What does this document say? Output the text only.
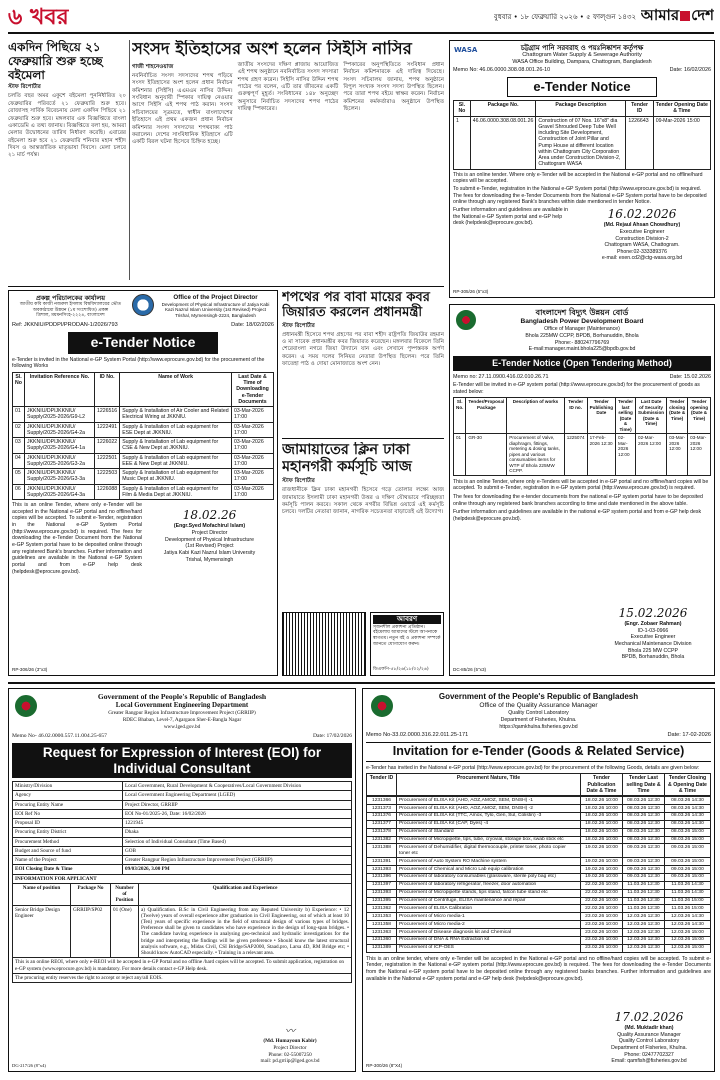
৬ খবর	বুধবার • ১৮ ফেব্রুয়ারি ২০২৬ • ৫ ফাল্গুন ১৪৩২ আমার দেশ
একদিন পিছিয়ে ২১ ফেব্রুয়ারি শুরু হচ্ছে বইমেলা
স্টাফ রিপোর্টার
চলতি বছর অমর একুশে বইমেলা পুনর্নির্ধারিত ২০ ফেব্রুয়ারির পরিবর্তে ২১ ফেব্রুয়ারি শুরু হবে। রোজাসহ সার্বিক বিবেচনায় মেলা একদিন পিছিয়ে ২১ ফেব্রুয়ারি শুরু হবে। মঙ্গলবার এক বিজ্ঞপ্তিতে বাংলা একাডেমি এ তথ্য জানায়। বিজ্ঞপ্তিতে বলা হয়, আমরা মেলার উদ্বোধনের তারিখ নির্ধারণ করেছি। এবারের বইমেলা শুরু হবে ২১ ফেব্রুয়ারি শনিবার মহান শহীদ দিবস ও আন্তর্জাতিক মাতৃভাষা দিবসে। মেলা চলবে ২১ মার্চ পর্যন্ত।
সংসদ ইতিহাসের অংশ হলেন সিইসি নাসির
গাজী শাহনেওয়াজ
নবনির্বাচিত সংসদ সদস্যদের শপথ পড়িয়ে সংসদ ইতিহাসের অংশ হলেন প্রধান নির্বাচন কমিশনার (সিইসি) এএমএম নাসির উদ্দিন। সংবিধান অনুযায়ী স্পিকার দায়িত্ব নেওয়ার আগে সিইসি এই শপথ পাঠ করান। সংসদ সচিবালয়ের সূত্রমতে, স্বাধীন বাংলাদেশের ইতিহাসে এই প্রথম একজন প্রধান নির্বাচন কমিশনার সংসদ সদস্যদের শপথবাক্য পাঠ করালেন। দেশের সাংবিধানিক ইতিহাসে এটি একটি বিরল ঘটনা হিসেবে চিহ্নিত হচ্ছে।
জাতীয় সংসদের দক্ষিণ প্লাজায় আয়োজিত এই শপথ অনুষ্ঠানে নবনির্বাচিত সংসদ সদস্যরা শপথ গ্রহণ করেন। সিইসি নাসির উদ্দিন শপথ পাঠের পর বলেন, এটি তার জীবনের একটি গুরুত্বপূর্ণ মুহূর্ত। সংবিধানের ১৪৮ অনুচ্ছেদ অনুসারে নির্বাচিত সদস্যদের শপথ পাঠের দায়িত্ব স্পিকারের।
স্পিকারের অনুপস্থিতিতে সংবিধান প্রধান নির্বাচন কমিশনারকে এই দায়িত্ব দিয়েছে। সংসদ সচিবালয় জানায়, শপথ অনুষ্ঠানে বিপুল সংখ্যক সংসদ সদস্য উপস্থিত ছিলেন। পরে তারা শপথ বইয়ে স্বাক্ষর করেন। নির্বাচন কমিশনের কর্মকর্তারাও অনুষ্ঠানে উপস্থিত ছিলেন।
WASA	চট্টগ্রাম পানি সরবরাহ ও পয়ঃনিষ্কাশন কর্তৃপক্ষ
Chattogram Water Supply & Sewerage Authority
WASA Office Building, Dampara, Chattogram, Bangladesh
Memo No: 46.06.0000.308.08.001.26-10	Date: 16/02/2026
e-Tender Notice
Sl. No	Package No.	Package Description	Tender ID	Tender Opening Date & Time
1	46.06.0000.308.08.001.26	Construction of 07 Nos. 16"x8" dia Gravel Shrouded Deep Tube Well including Site Development, Construction of Joint Pillar and Pump House at different location within Chattogram City Corporation Area under Construction Division-2, Chattogram WASA	1226643	09-Mar-2026 15:00
This is an online tender. Where only e-Tender will be accepted in the National e-GP portal and no offline/hard copies will be accepted.
To submit e-Tender, registration in the National e-GP System portal (http://www.eprocure.gov.bd) is required. The fees for downloading the e-Tender Documents from the National e-GP System portal have to be deposited online through any registered Bank's branches within date mentioned in tender Notice.
Further information and guidelines are available in the National e-GP System portal and e-GP help desk (helpdesk@eprocure.gov.bd).
16.02.2026
(Md. Rejaul Ahsan Chowdhury)
Executive Engineer
Construction Division-2
Chattogram WASA, Chattogram.
Phone:02-333389376
e-mail: exen.cd2@ctg-wasa.org.bd
RP-305/26 (5"x3)
প্রকল্প পরিচালকের কার্যালয়
জাতীয় কবি কাজী নজরুল ইসলাম বিশ্ববিদ্যালয়ের ভৌত অবকাঠামো উন্নয়ন (১ম সংশোধিত) প্রকল্প
ত্রিশাল, ময়মনসিংহ-২২২৪, বাংলাদেশ
Office of the Project Director
Development of Physical Infrastructure of Jatiya Kabi Kazi Nazrul Islam University (1st Revised) Project
Trishal, Mymensingh-2224, Bangladesh
Ref: JKKNIU/PDDPI/PRODAN-1/2026/793	Date: 18/02/2026
e-Tender Notice
e-Tender is invited in the National e-GP System Portal (http://www.eprocure.gov.bd) for the procurement of the following Works
Sl. No	Invitation Reference No.	ID No.	Name of Work	Last Date & Time of Downloading e-Tender Documents
01	JKKNIU/DPIJKKNIU/ Supply/2025-2026/G9-L2	1226516	Supply & Installation of Air Cooler and Related Electrical Wiring at JKKNIU.	03-Mar-2026 17:00
02	JKKNIU/DPIJKKNIU/ Supply/2025-2026/G4-2a	1222491	Supply & Installation of Lab equipment for ESE Dept at JKKNIU.	03-Mar-2026 17:00
03	JKKNIU/DPIJKKNIU/ Supply/2025-2026/G4-1a	1226022	Supply & Installation of Lab equipment for CSE & New Dept at JKKNIU.	03-Mar-2026 17:00
04	JKKNIU/DPIJKKNIU/ Supply/2025-2026/G3-2a	1222501	Supply & Installation of Lab equipment for EEE & New Dept at JKKNIU.	03-Mar-2026 17:00
05	JKKNIU/DPIJKKNIU/ Supply/2025-2026/G3-3a	1222503	Supply & Installation of Lab equipment for Music Dept at JKKNIU.	03-Mar-2026 17:00
06	JKKNIU/DPIJKKNIU/ Supply/2025-2026/G4-3a	1226088	Supply & Installation of Lab equipment for Film & Media Dept at JKKNIU.	03-Mar-2026 17:00
This is an online Tender, where only e-Tender will be accepted in the National e-GP portal and no offline/hard copies will be accepted. To submit e-Tender, registration in the National e-GP System Portal (http://www.eprocure.gov.bd) is required. The fees for downloading the e-Tender Document from the National e-GP System portal have to be deposited online through any registered Bank's branches. Further information and guidelines are available in the National e-GP System portal and from e-GP help desk (helpdesk@eprocure.gov.bd).
18.02.26
(Engr.Syed Mofachirul Islam)
Project Director
Development of Physical Infrastructure
(1st Revised) Project
Jatiya Kabi Kazi Nazrul Islam University
Trishal, Mymensingh
RP-306/26 (3"x3)
শপথের পর বাবা মায়ের কবর জিয়ারত করলেন প্রধানমন্ত্রী
স্টাফ রিপোর্টার
প্রধানমন্ত্রী হিসেবে শপথ গ্রহণের পর বাবা শহীদ রাষ্ট্রপতি জিয়াউর রহমান ও মা সাবেক প্রধানমন্ত্রীর কবর জিয়ারত করেছেন। মঙ্গলবার বিকেলে তিনি শেরেবাংলা নগরে জিয়া উদ্যানে যান এবং সেখানে পুষ্পস্তবক অর্পণ করেন। এ সময় দলের সিনিয়র নেতারা উপস্থিত ছিলেন। পরে তিনি ফাতেহা পাঠ ও দোয়া মোনাজাতে অংশ নেন।
জামায়াতের ক্লিন ঢাকা মহানগরী কর্মসূচি আজ
স্টাফ রিপোর্টার
রাজধানীকে ক্লিন ঢাকা মহানগরী হিসেবে গড়ে তোলার লক্ষ্যে আজ জামায়াতে ইসলামী ঢাকা মহানগরী উত্তর ও দক্ষিণ যৌথভাবে পরিচ্ছন্নতা কর্মসূচি পালন করবে। সকাল থেকে নগরীর বিভিন্ন ওয়ার্ডে এই কর্মসূচি চলবে। দলটির নেতারা জানান, নাগরিক সচেতনতা বাড়াতেই এই উদ্যোগ।
আবরণ
সৃজনশীল প্রকাশনা প্রতিষ্ঠান। বইমেলায় আমাদের স্টলে আপনাকে স্বাগতম। নতুন বই ও প্রকাশনা সম্পর্কে জানতে যোগাযোগ করুন।
ডিএফপি-৫৮/২৬(১৮/০২/২৬)
বাংলাদেশ বিদ্যুৎ উন্নয়ন বোর্ড
Bangladesh Power Development Board
Office of Manager (Maintenance)
Bhola 225MW CCPP, BPDB, Borhanuddin, Bhola
Phone:- 880247796769
E-mail:manager.maint.bhola225@bpdb.gov.bd
E-Tender Notice (Open Tendering Method)
Memo no: 27.11.0900.416.02.010.26.71	Date: 15.02.2026
E-Tender will be invited in e-GP system portal (http://www.eprocure.gov.bd) for the procurement of goods as stated below:
Sl. No.	Tender/Proposal Package	Description of works	Tender ID no.	Tender Publishing Date	Tender last selling (Date & Time)	Last Date of Security Submission (Date & Time)	Tender closing (Date & Time)	Tender opening (Date & Time)
01	GR-30	Procurement of Valve, diaphragm, fittings, metering & dosing tanks, pipes and various consumables items for WTP of Bhola 225MW CCPP.	1225074	17-Feb-2026 12:30	02-Mar-2026 12:00	02-Mar-2026 12:00	03-Mar-2026 12:00	03-Mar-2026 12:00
This is an online Tender, where only e-Tenders will be accepted in e-GP portal and no offline/hard copies will be accepted. To submit e-Tender, registration in e-GP system portal (http://www.eprocure.gov.bd) is required.
The fees for downloading the e-tender documents from the national e-GP system portal have to be deposited online through any registered bank branches according to time and date mentioned in the above table.
Further information and guidelines are available in the national e-GP system portal and from e-GP help desk (helpdesk@eprocure.gov.bd).
15.02.2026
(Engr. Zobaer Rahman)
ID-1-03-0966
Executive Engineer
Mechanical Maintenance Division
Bhola 225 MW CCPP
BPDB, Borhanuddin, Bhola
DC-85/26 (5"x3)
Government of the People's Republic of Bangladesh
Local Government Engineering Department
Greater Rangpur Region Infrastructure Improvement Project (GRRIIP)
RDEC Bhaban, Level-7, Agargaon Sher-E-Bangla Nagar
www.lged.gov.bd
Memo No- 46.02.0000.557.11.004.25-657	Date: 17/02/2026
Request for Expression of Interest (EOI) for Individual Consultant
Ministry/Division	Local Government, Rural Development & Cooperatives/Local Government Division
Agency	Local Government Engineering Department (LGED)
Procuring Entity Name	Project Director, GRRIIP
EOI Ref No	EOI No-01/2025-26, Date: 16/02/2026
Proposal ID	1221945
Procuring Entity District	Dhaka
Procurement Method	Selection of Individual Consultant (Time Based)
Budget and Source of fund	GOB
Name of the Project	Greater Rangpur Region Infrastructure Improvement Project (GRRIIP)
EOI Closing Date & Time	09/03/2026, 3.00 PM
INFORMATION FOR APPLICANT	
Name of position	Package No	Number of Position	Qualification and Experience
Senior Bridge Design Engineer	GRRIIP/SP02	01 (One)	a) Qualification. B.Sc in Civil Engineering from any Reputed University b) Experience: • 12 (Twelve) years of overall experience after graduation in Civil Engineering, out of which at least 10 (Ten) years of specific experience in the field of structural design of various types of bridges. Preference shall be given to candidates who have experience in the design of long-span bridges. • The candidate having experience in analysing geo-technical and hydraulic investigations for the bridge and interpreting the findings will be given preference • Should know the latest structural analysis software, e.g., Midas Civil, CSI Bridge/SAP2000, Staad.pro, Larsa 4D, RM Bridge etc; • Should know AutoCAD especially. • Training in a relevant area.
This is an online REOI, where only e-REOI will be accepted in e-GP Portal and no offline /hard copies will be accepted. To submit application, registration on e-GP system (www.eprocure.gov.bd) is mandatory. For more details contact e-GP Help desk.			
The procuring entity reserves the right to accept or reject any/all EOIS.			
〰
(Md. Humayoun Kabir)
Project Director
Phone: 02-55007250
mail: pd.grriip@lged.gov.bd
DG-217/26 (8"x4)
Government of the People's Republic of Bangladesh
Office of the Quality Assurance Manager
Quality Control Laboratory
Department of Fisheries, Khulna.
https://qamkhulna.fisheries.gov.bd
Memo No-33.02.0000.316.22.011.25-171	Date: 17-02-2026
Invitation for e-Tender (Goods & Related Service)
e-Tender has invited in the National e-GP portal (http://www.eprocure.gov.bd) for the procurement of the following Goods, details are given below:
Tender ID	Procurement Nature, Title	Tender Publication Date & Time	Tender Last selling Date & Time	Tender Closing & Opening Date & Time
1231366	Procurement of ELISA Kit (AHD, AOZ,AMOZ, SEM, DNSH) -1	18.02.26 10:00	08.03.26 12:30	08.03.26 14:30
1231373	Procurement of ELISA Kit (AHD, AOZ,AMOZ, SEM, DNSH) -2	18.02.26 10:00	08.03.26 12:30	08.03.26 14:30
1231376	Procurement of ELISA Kit (TTC, Amox, Tylo, Gen, Sul, Colistin) -3	18.02.26 10:00	08.03.26 12:30	08.03.26 14:30
1231377	Procurement of ELISA Kit (CAP, Dyes) -4	18.02.26 10:00	08.03.26 12:30	08.03.26 14:30
1231378	Procurement of Standard	18.02.26 10:00	08.03.26 12:30	08.03.26 15:00
1231382	Procurement of Micropipette, tips, tube, cryovial, storage box, swab stick etc	18.02.26 10:00	08.03.26 12:30	08.03.26 15:00
1231388	Procurement of Dehumidifier, digital thermocouple, printer toner, photo copier toner etc	19.02.26 10:00	09.03.26 12:30	09.03.26 15:00
1231391	Procurement of Auto System RO Machine system	19.02.26 10:00	09.03.26 12:30	09.03.26 15:00
1231393	Procurement of Chemical and Micro Lab equip calibration	19.02.26 10:00	09.03.26 12:30	09.03.26 15:00
1231396	Procurement of laboratory consumables (glassware, sterile poly bag etc)	19.02.26 10:00	09.03.26 12:30	09.03.26 15:00
1231397	Procurement of laboratory refrigerator, freezer, door automation	22.02.26 10:00	11.03.26 12:30	11.03.26 14:30
1231393	Procurement of Micropipette stands, tips stand, falcon tube stand etc	22.02.26 10:00	11.03.26 12:30	11.03.26 14:30
1231395	Procurement of Centrifuge, ELISA maintenance and repair	22.02.26 10:00	11.03.26 12:30	11.03.26 15:00
1231362	Procurement of ELISA Calibration	22.02.26 10:00	11.03.26 12:30	11.03.26 15:00
1231353	Procurement of Micro media-1	23.02.26 10:00	12.03.26 12:30	12.03.26 14:30
1231358	Procurement of Micro media-2	23.02.26 10:00	12.03.26 12:30	12.03.26 14:30
1231363	Procurement of Disease diagnosis kit and Chemical	23.02.26 10:00	12.03.26 12:30	12.03.26 15:00
1231360	Procurement of DNA & RNA Extraction kit	23.02.26 10:00	12.03.26 12:30	12.03.26 15:00
1231389	Procurement of ICP-OES	23.02.26 10:00	12.03.26 12:30	12.03.26 15:00
This is an online tender, where only e-Tender will be accepted in the National e-GP portal and no offline/hard copies will be accepted. To submit e-Tender, registration in the National e-GP system portal (http://www.eprocure.gov.bd) is required. The fees for downloading the e-Tender Documents from the National e-GP system portal have to be deposited online through any registered banks branches. Further information and guidelines are available in the National e-GP system portal and e-GP help desk (helpdesk@eprocure.gov.bd).
17.02.2026
(Md. Muktadir khan)
Quality Assurance Manager
Quality Control Laboratory
Department of Fisheries, Khulna.
Phone: 02477702327
Email: qamfish@fisheries.gov.bd
RP-300/26 (8"X4)
